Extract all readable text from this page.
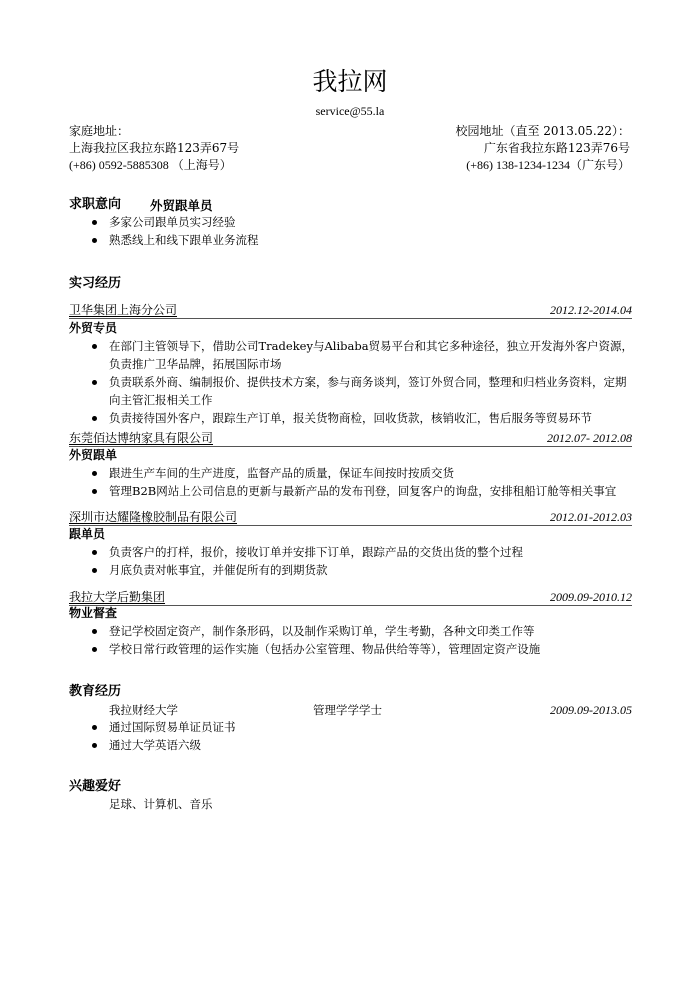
我拉网
service@55.la
家庭地址：
上海我拉区我拉东路123弄67号
(+86) 0592-5885308 （上海号）
校园地址（直至 2013.05.22）：
广东省我拉东路123弄76号
(+86) 138-1234-1234（广东号）
求职意向 外贸跟单员
多家公司跟单员实习经验
熟悉线上和线下跟单业务流程
实习经历
卫华集团上海分公司	2012.12-2014.04
外贸专员
在部门主管领导下，借助公司Tradekey与Alibaba贸易平台和其它多种途径，独立开发海外客户资源，负责推广卫华品牌，拓展国际市场
负责联系外商、编制报价、提供技术方案，参与商务谈判，签订外贸合同，整理和归档业务资料，定期向主管汇报相关工作
负责接待国外客户，跟踪生产订单，报关货物商检，回收货款，核销收汇，售后服务等贸易环节
东莞佰达博纳家具有限公司	2012.07- 2012.08
外贸跟单
跟进生产车间的生产进度，监督产品的质量，保证车间按时按质交货
管理B2B网站上公司信息的更新与最新产品的发布刊登，回复客户的询盘，安排租船订舱等相关事宜
深圳市达耀隆橡胶制品有限公司	2012.01-2012.03
跟单员
负责客户的打样，报价，接收订单并安排下订单，跟踪产品的交货出货的整个过程
月底负责对帐事宜，并催促所有的到期货款
我拉大学后勤集团	2009.09-2010.12
物业督查
登记学校固定资产，制作条形码，以及制作采购订单，学生考勤，各种文印类工作等
学校日常行政管理的运作实施（包括办公室管理、物品供给等等），管理固定资产设施
教育经历
我拉财经大学	管理学学学士	2009.09-2013.05
通过国际贸易单证员证书
通过大学英语六级
兴趣爱好
足球、计算机、音乐
